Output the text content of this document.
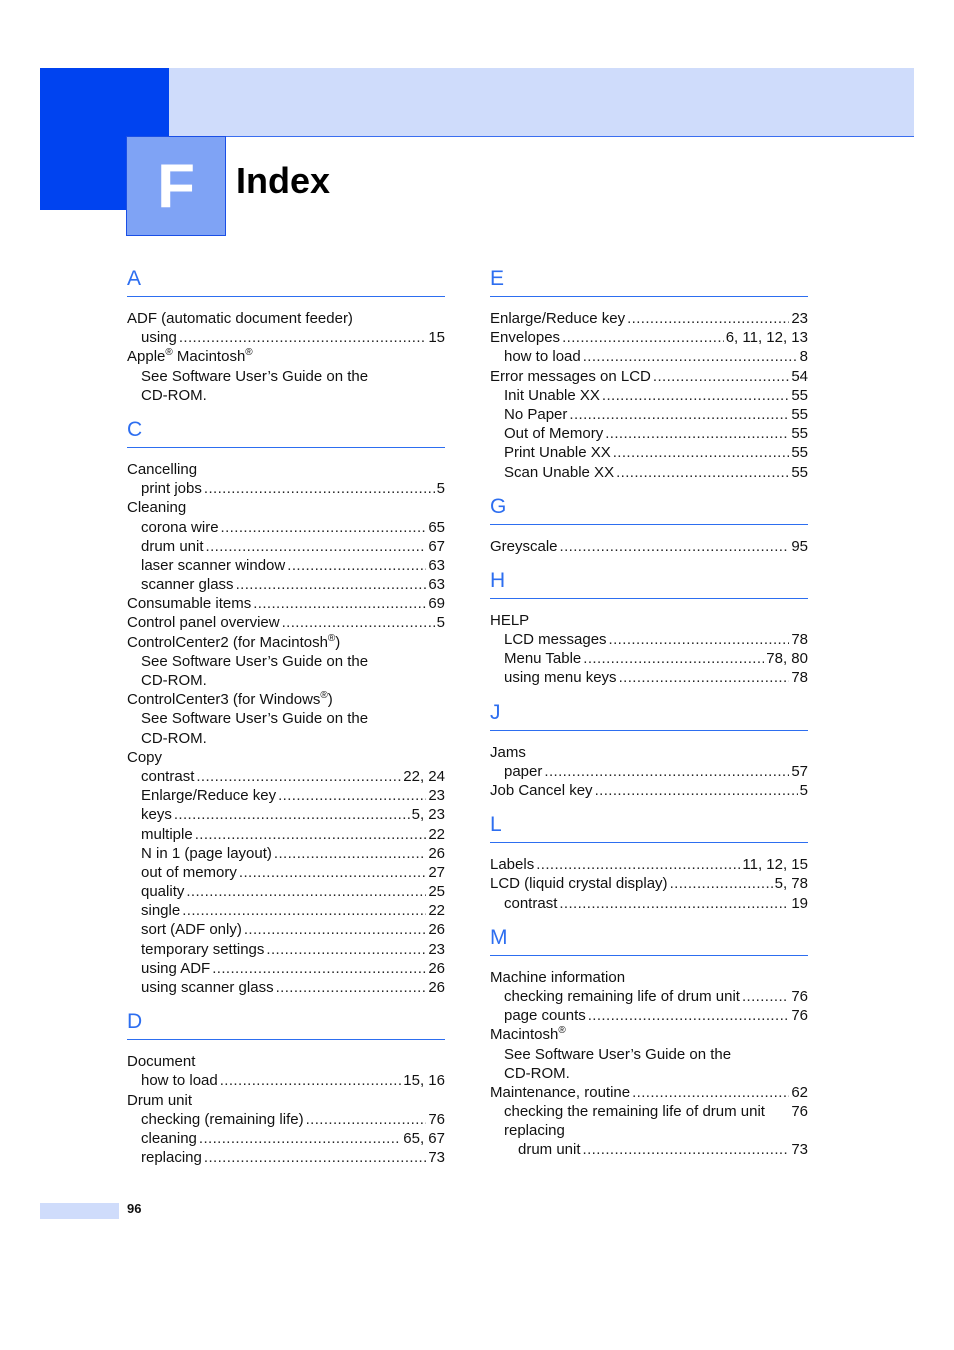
F	Index
A
ADF (automatic document feeder)
using .....	15
Apple® Macintosh®
See Software User’s Guide on the
CD-ROM.
C
Cancelling
print jobs .....	5
Cleaning
corona wire .....	65
drum unit .....	67
laser scanner window .....	63
scanner glass .....	63
Consumable items .....	69
Control panel overview .....	5
ControlCenter2 (for Macintosh®)
See Software User’s Guide on the
CD-ROM.
ControlCenter3 (for Windows®)
See Software User’s Guide on the
CD-ROM.
Copy
contrast .....	22, 24
Enlarge/Reduce key .....	23
keys .....	5, 23
multiple .....	22
N in 1 (page layout) .....	26
out of memory .....	27
quality .....	25
single .....	22
sort (ADF only) .....	26
temporary settings .....	23
using ADF .....	26
using scanner glass .....	26
D
Document
how to load .....	15, 16
Drum unit
checking (remaining life) .....	76
cleaning .....	65, 67
replacing .....	73
E
Enlarge/Reduce key .....	23
Envelopes .....	6, 11, 12, 13
how to load .....	8
Error messages on LCD .....	54
Init Unable XX .....	55
No Paper .....	55
Out of Memory .....	55
Print Unable XX .....	55
Scan Unable XX .....	55
G
Greyscale .....	95
H
HELP
LCD messages .....	78
Menu Table .....	78, 80
using menu keys .....	78
J
Jams
paper .....	57
Job Cancel key .....	5
L
Labels .....	11, 12, 15
LCD (liquid crystal display) .....	5, 78
contrast .....	19
M
Machine information
checking remaining life of drum unit .....	76
page counts .....	76
Macintosh®
See Software User’s Guide on the
CD-ROM.
Maintenance, routine .....	62
checking the remaining life of drum unit 76
replacing
drum unit .....	73
96
